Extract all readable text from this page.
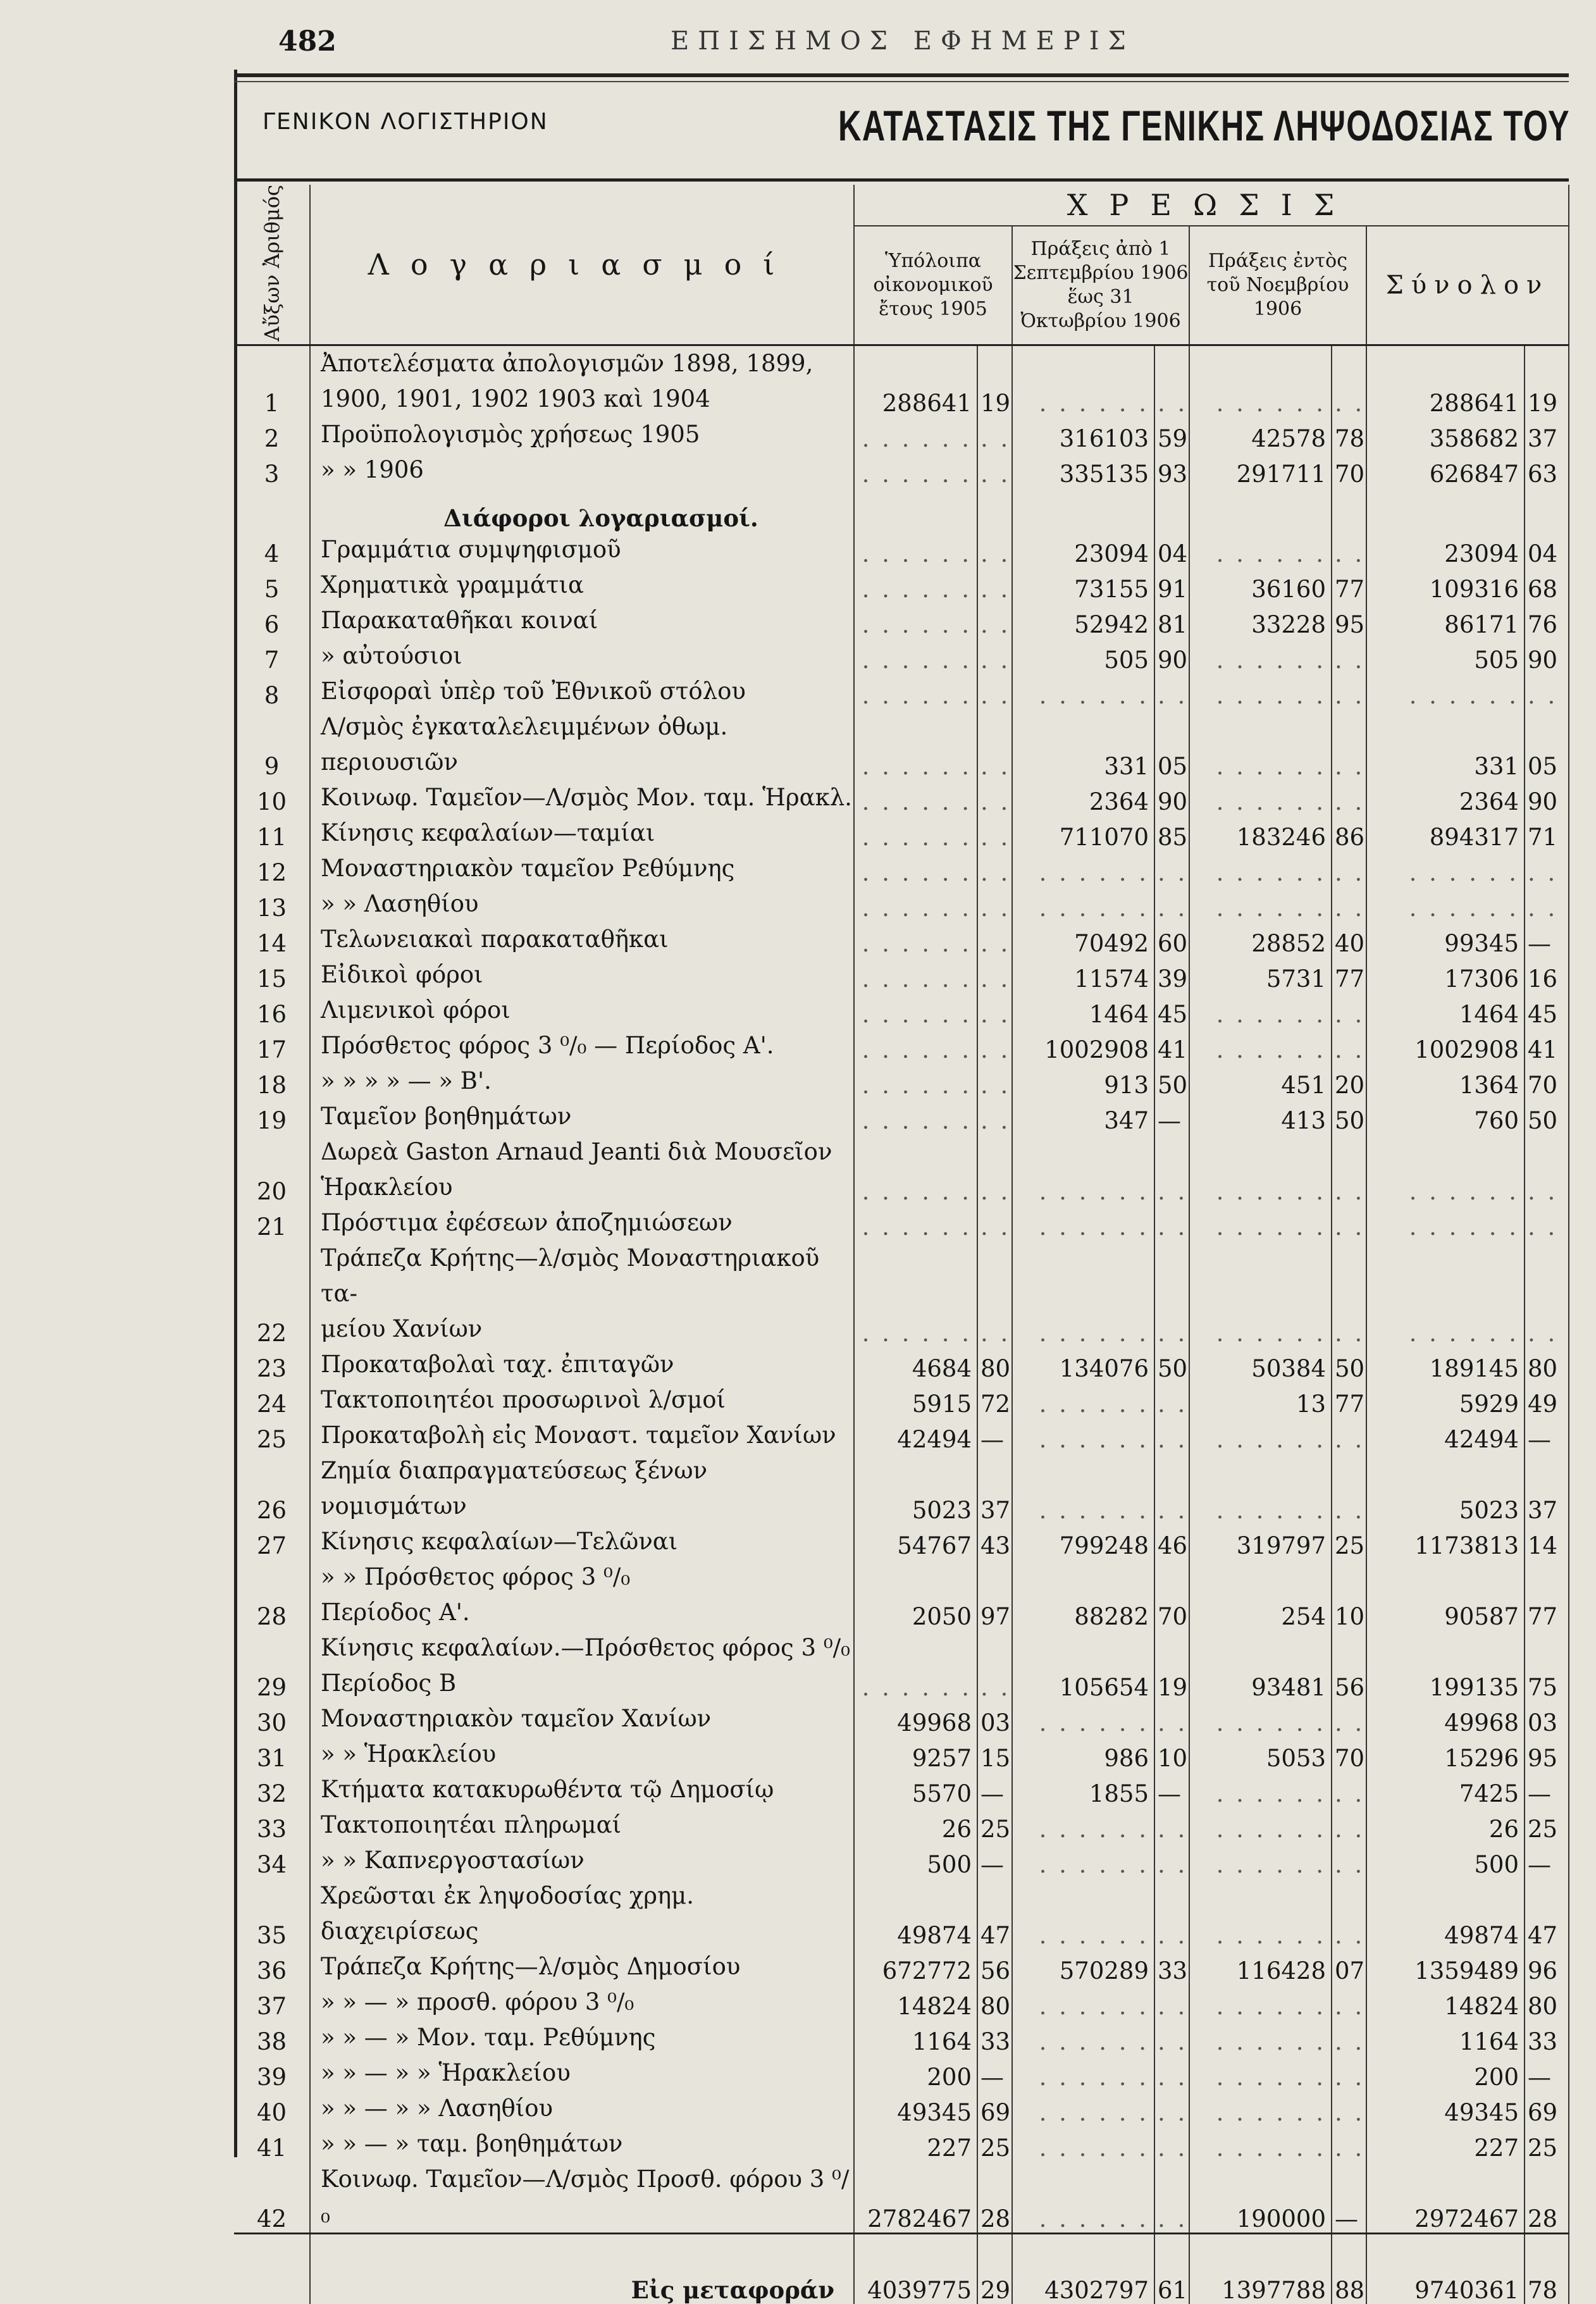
482	ΕΠΙΣΗΜΟΣ ΕΦΗΜΕΡΙΣ
ΓΕΝΙΚΟΝ ΛΟΓΙΣΤΗΡΙΟΝ	ΚΑΤΑΣΤΑΣΙΣ ΤΗΣ ΓΕΝΙΚΗΣ ΛΗΨΟΔΟΣΙΑΣ ΤΟΥ
Αὔξων Ἀριθμός	Λογαριασμοί	ΧΡΕΩΣΙΣ							
		Ὑπόλοιπα οἰκονομικοῦ ἔτους 1905		Πράξεις ἀπὸ 1 Σεπτεμβρίου 1906 ἕως 31 Ὀκτωβρίου 1906		Πράξεις ἐντὸς τοῦ Νοεμβρίου 1906		Σύνολον	
1	Ἀποτελέσματα ἀπολογισμῶν 1898, 1899,
1900, 1901, 1902 1903 καὶ 1904	288641	19	. . . . . .	. .	. . . . . .	. .	288641	19
2	Προϋπολογισμὸς χρήσεως 1905	. . . . . .	. .	316103	59	42578	78	358682	37
3	» » 1906	. . . . . .	. .	335135	93	291711	70	626847	63
	Διάφοροι λογαριασμοί.								
4	Γραμμάτια συμψηφισμοῦ	. . . . . .	. .	23094	04	. . . . . .	. .	23094	04
5	Χρηματικὰ γραμμάτια	. . . . . .	. .	73155	91	36160	77	109316	68
6	Παρακαταθῆκαι κοιναί	. . . . . .	. .	52942	81	33228	95	86171	76
7	» αὐτούσιοι	. . . . . .	. .	505	90	. . . . . .	. .	505	90
8	Εἰσφοραὶ ὑπὲρ τοῦ Ἐθνικοῦ στόλου	. . . . . .	. .	. . . . . .	. .	. . . . . .	. .	. . . . . .	. .
9	Λ/σμὸς ἐγκαταλελειμμένων ὀθωμ. περιουσιῶν	. . . . . .	. .	331	05	. . . . . .	. .	331	05
10	Κοινωφ. Ταμεῖον—Λ/σμὸς Μον. ταμ. Ἡρακλ.	. . . . . .	. .	2364	90	. . . . . .	. .	2364	90
11	Κίνησις κεφαλαίων—ταμίαι	. . . . . .	. .	711070	85	183246	86	894317	71
12	Μοναστηριακὸν ταμεῖον Ρεθύμνης	. . . . . .	. .	. . . . . .	. .	. . . . . .	. .	. . . . . .	. .
13	» » Λασηθίου	. . . . . .	. .	. . . . . .	. .	. . . . . .	. .	. . . . . .	. .
14	Τελωνειακαὶ παρακαταθῆκαι	. . . . . .	. .	70492	60	28852	40	99345	—
15	Εἰδικοὶ φόροι	. . . . . .	. .	11574	39	5731	77	17306	16
16	Λιμενικοὶ φόροι	. . . . . .	. .	1464	45	. . . . . .	. .	1464	45
17	Πρόσθετος φόρος 3 ⁰/₀ — Περίοδος Α'.	. . . . . .	. .	1002908	41	. . . . . .	. .	1002908	41
18	» » » » — » Β'.	. . . . . .	. .	913	50	451	20	1364	70
19	Ταμεῖον βοηθημάτων	. . . . . .	. .	347	—	413	50	760	50
20	Δωρεὰ Gaston Arnaud Jeanti διὰ Μουσεῖον
Ἡρακλείου	. . . . . .	. .	. . . . . .	. .	. . . . . .	. .	. . . . . .	. .
21	Πρόστιμα ἐφέσεων ἀποζημιώσεων	. . . . . .	. .	. . . . . .	. .	. . . . . .	. .	. . . . . .	. .
22	Τράπεζα Κρήτης—λ/σμὸς Μοναστηριακοῦ τα-
μείου Χανίων	. . . . . .	. .	. . . . . .	. .	. . . . . .	. .	. . . . . .	. .
23	Προκαταβολαὶ ταχ. ἐπιταγῶν	4684	80	134076	50	50384	50	189145	80
24	Τακτοποιητέοι προσωρινοὶ λ/σμοί	5915	72	. . . . . .	. .	13	77	5929	49
25	Προκαταβολὴ εἰς Μοναστ. ταμεῖον Χανίων	42494	—	. . . . . .	. .	. . . . . .	. .	42494	—
26	Ζημία διαπραγματεύσεως ξένων νομισμάτων	5023	37	. . . . . .	. .	. . . . . .	. .	5023	37
27	Κίνησις κεφαλαίων—Τελῶναι	54767	43	799248	46	319797	25	1173813	14
28	» » Πρόσθετος φόρος 3 ⁰/₀
Περίοδος Α'.	2050	97	88282	70	254	10	90587	77
29	Κίνησις κεφαλαίων.—Πρόσθετος φόρος 3 ⁰/₀
Περίοδος Β	. . . . . .	. .	105654	19	93481	56	199135	75
30	Μοναστηριακὸν ταμεῖον Χανίων	49968	03	. . . . . .	. .	. . . . . .	. .	49968	03
31	» » Ἡρακλείου	9257	15	986	10	5053	70	15296	95
32	Κτήματα κατακυρωθέντα τῷ Δημοσίῳ	5570	—	1855	—	. . . . . .	. .	7425	—
33	Τακτοποιητέαι πληρωμαί	26	25	. . . . . .	. .	. . . . . .	. .	26	25
34	» » Καπνεργοστασίων	500	—	. . . . . .	. .	. . . . . .	. .	500	—
35	Χρεῶσται ἐκ ληψοδοσίας χρημ. διαχειρίσεως	49874	47	. . . . . .	. .	. . . . . .	. .	49874	47
36	Τράπεζα Κρήτης—λ/σμὸς Δημοσίου	672772	56	570289	33	116428	07	1359489	96
37	» » — » προσθ. φόρου 3 ⁰/₀	14824	80	. . . . . .	. .	. . . . . .	. .	14824	80
38	» » — » Μον. ταμ. Ρεθύμνης	1164	33	. . . . . .	. .	. . . . . .	. .	1164	33
39	» » — » » Ἡρακλείου	200	—	. . . . . .	. .	. . . . . .	. .	200	—
40	» » — » » Λασηθίου	49345	69	. . . . . .	. .	. . . . . .	. .	49345	69
41	» » — » ταμ. βοηθημάτων	227	25	. . . . . .	. .	. . . . . .	. .	227	25
42	Κοινωφ. Ταμεῖον—Λ/σμὸς Προσθ. φόρου 3 ⁰/₀	2782467	28	. . . . . .	. .	190000	—	2972467	28
	Εἰς μεταφοράν	4039775	29	4302797	61	1397788	88	9740361	78
